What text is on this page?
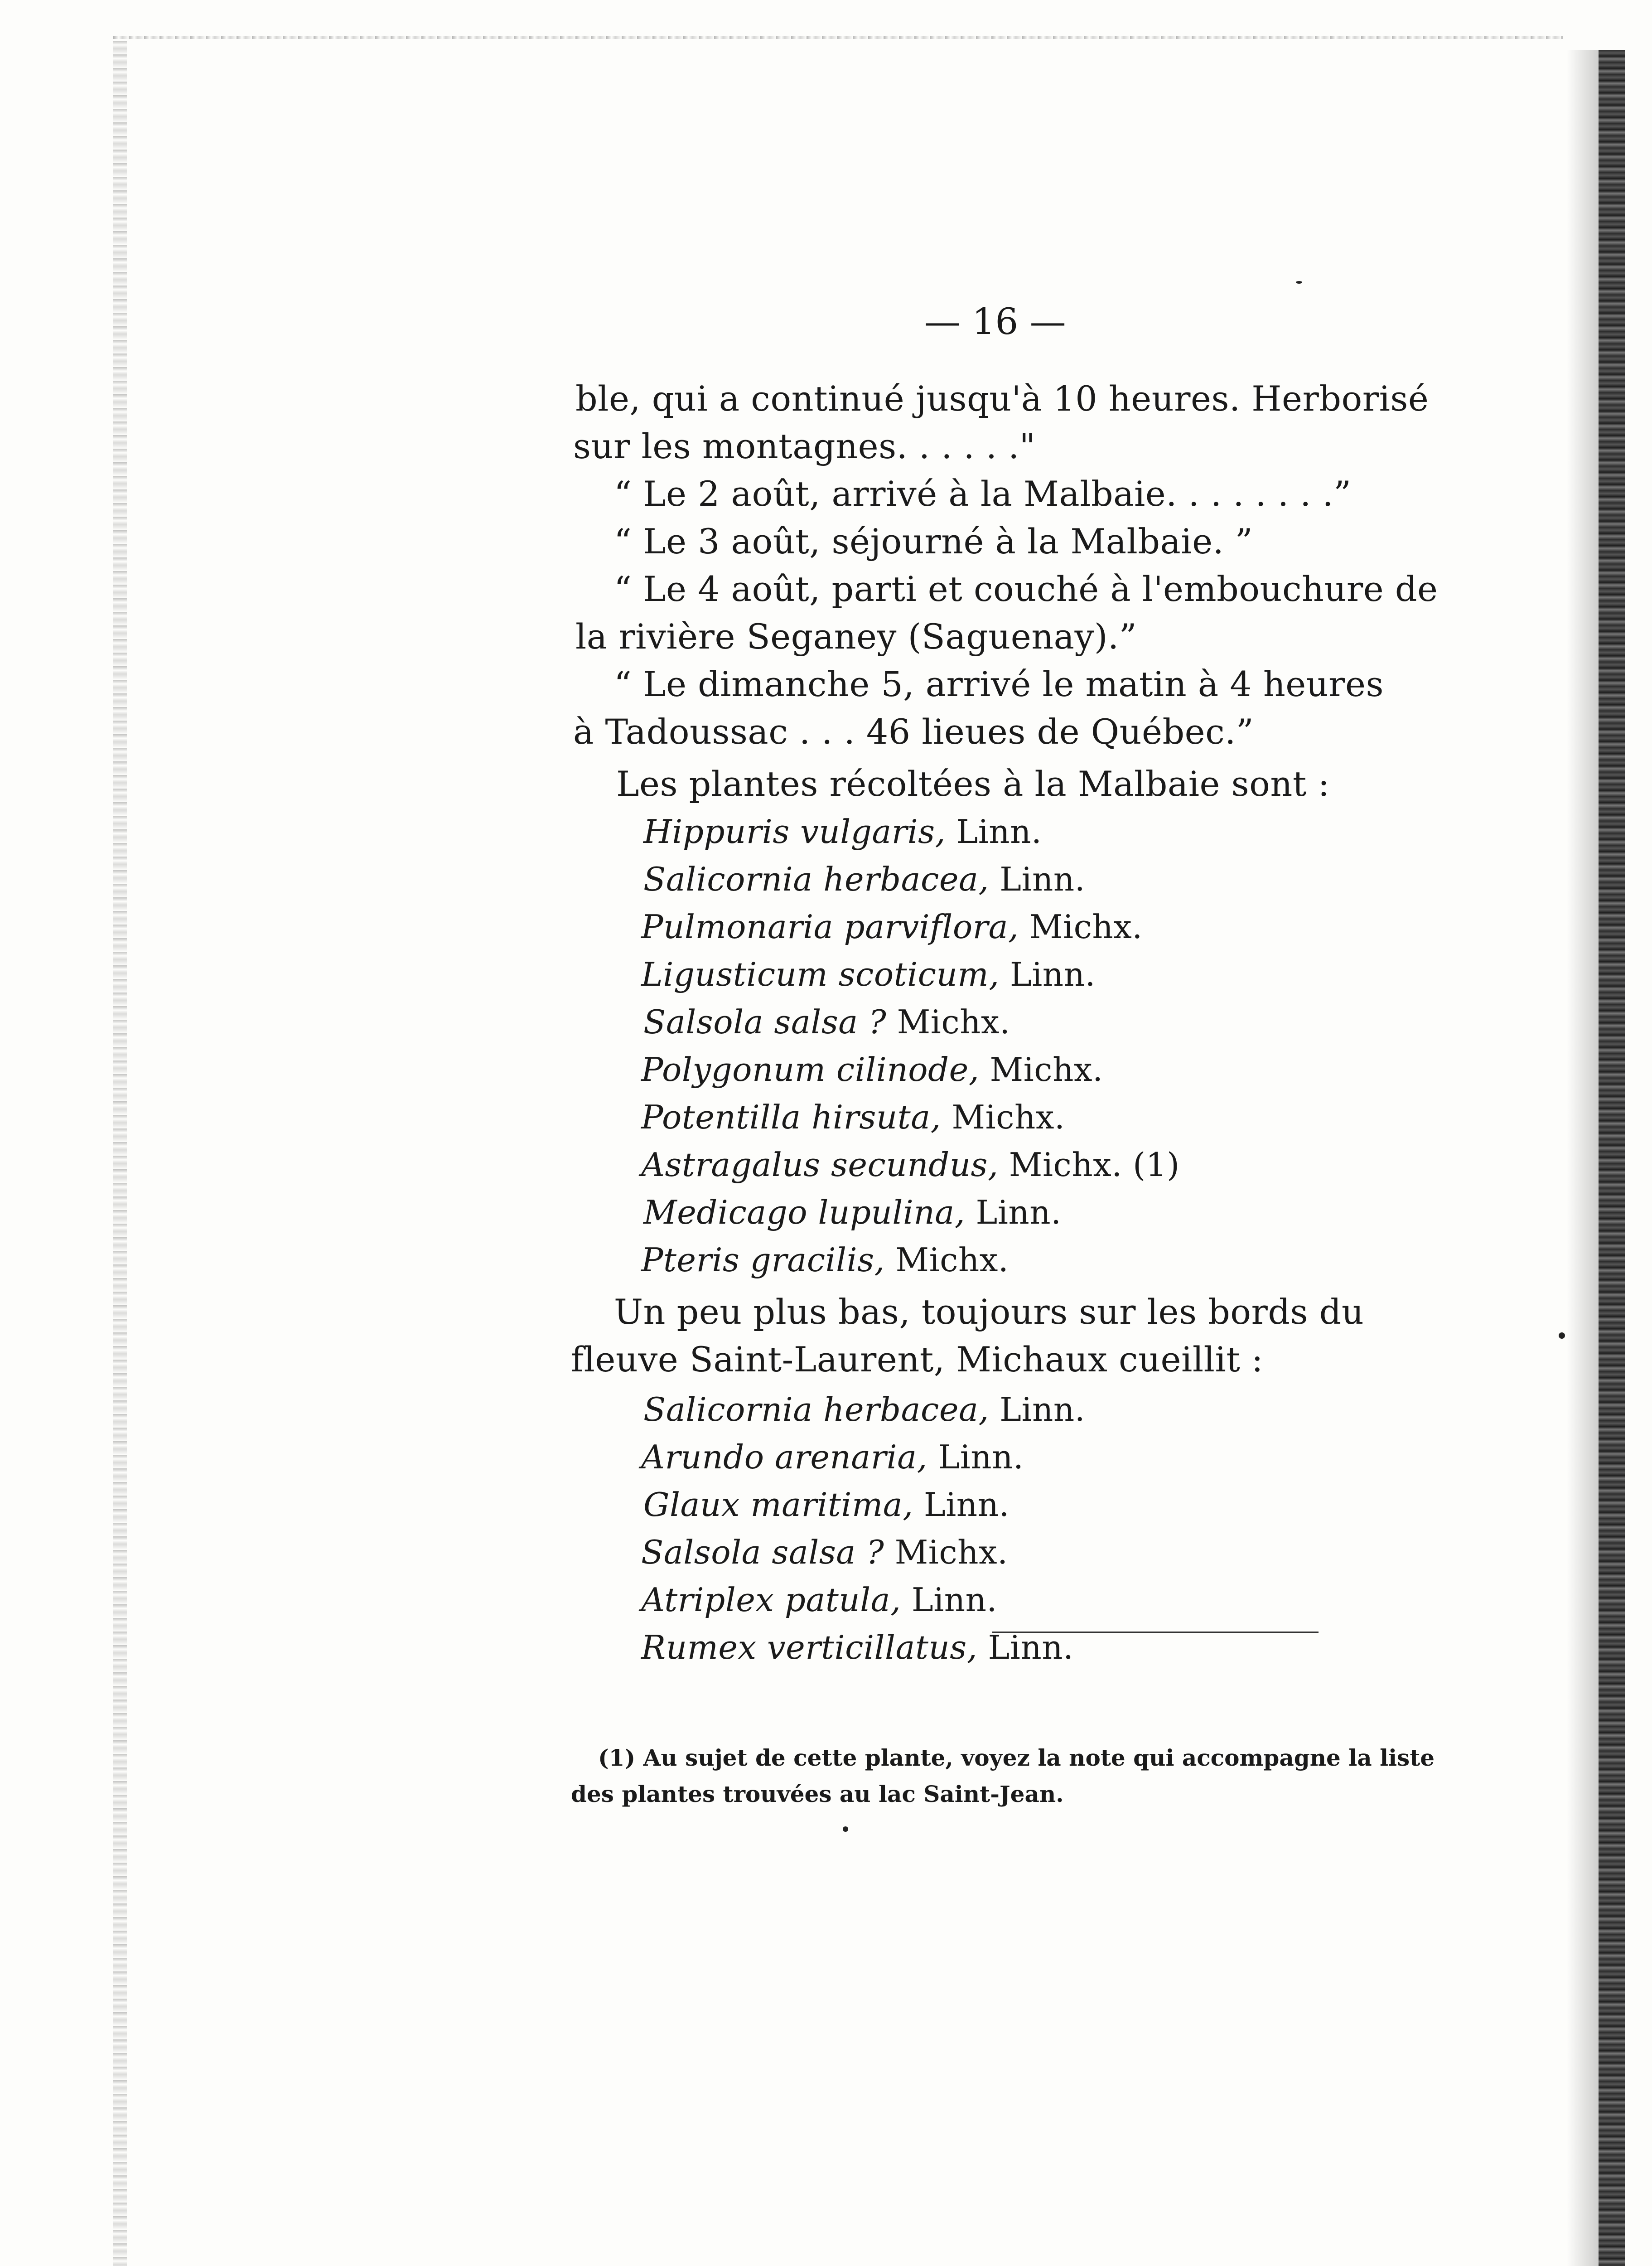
— 16 —
ble, qui a continué jusqu'à 10 heures. Herborisé
sur les montagnes. . . . . ."
“ Le 2 août, arrivé à la Malbaie. . . . . . . .”
“ Le 3 août, séjourné à la Malbaie. ”
“ Le 4 août, parti et couché à l'embouchure de
la rivière Seganey (Saguenay).”
“ Le dimanche 5, arrivé le matin à 4 heures
à Tadoussac . . . 46 lieues de Québec.”
Les plantes récoltées à la Malbaie sont :
Hippuris vulgaris, Linn.
Salicornia herbacea, Linn.
Pulmonaria parviflora, Michx.
Ligusticum scoticum, Linn.
Salsola salsa ? Michx.
Polygonum cilinode, Michx.
Potentilla hirsuta, Michx.
Astragalus secundus, Michx. (1)
Medicago lupulina, Linn.
Pteris gracilis, Michx.
Un peu plus bas, toujours sur les bords du
fleuve Saint-Laurent, Michaux cueillit :
Salicornia herbacea, Linn.
Arundo arenaria, Linn.
Glaux maritima, Linn.
Salsola salsa ? Michx.
Atriplex patula, Linn.
Rumex verticillatus, Linn.
(1) Au sujet de cette plante, voyez la note qui accompagne la liste
des plantes trouvées au lac Saint-Jean.
